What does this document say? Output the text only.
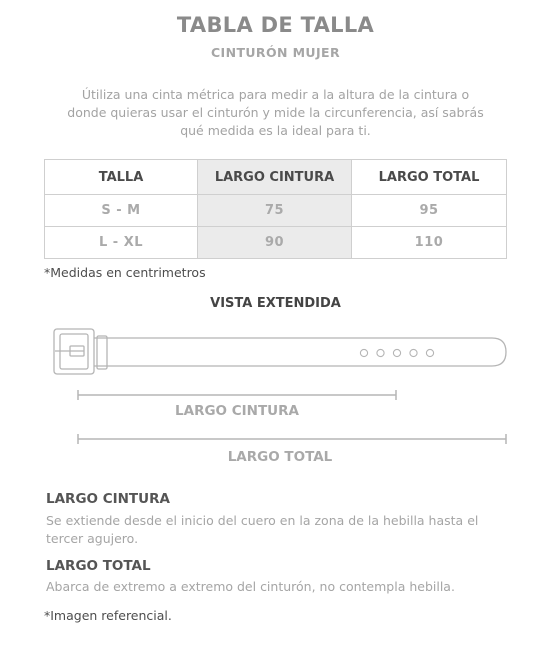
TABLA DE TALLA
CINTURÓN MUJER
Útiliza una cinta métrica para medir a la altura de la cintura o
donde quieras usar el cinturón y mide la circunferencia, así sabrás
qué medida es la ideal para ti.
TALLA	LARGO CINTURA	LARGO TOTAL
S - M	75	95
L - XL	90	110
*Medidas en centrimetros
VISTA EXTENDIDA
LARGO CINTURA
LARGO TOTAL
LARGO CINTURA
Se extiende desde el inicio del cuero en la zona de la hebilla hasta el tercer agujero.
LARGO TOTAL
Abarca de extremo a extremo del cinturón, no contempla hebilla.
*Imagen referencial.
